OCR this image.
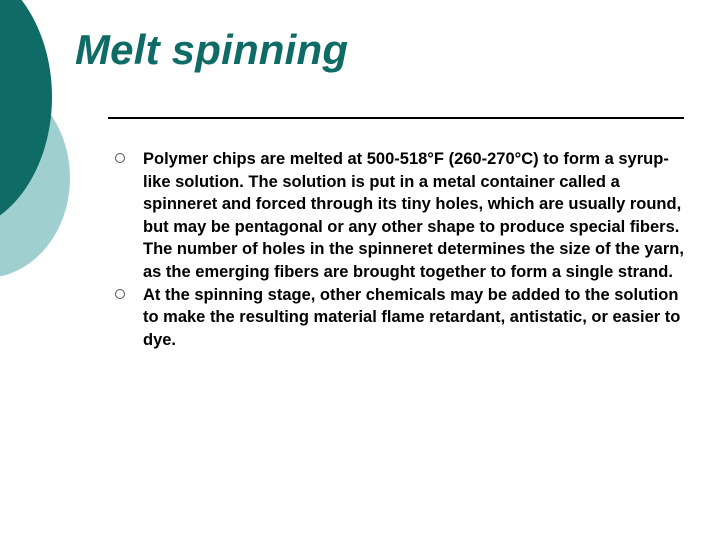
Melt spinning
Polymer chips are melted at 500-518°F (260-270°C) to form a syrup-like solution. The solution is put in a metal container called a spinneret and forced through its tiny holes, which are usually round, but may be pentagonal or any other shape to produce special fibers. The number of holes in the spinneret determines the size of the yarn, as the emerging fibers are brought together to form a single strand.
At the spinning stage, other chemicals may be added to the solution to make the resulting material flame retardant, antistatic, or easier to dye.
